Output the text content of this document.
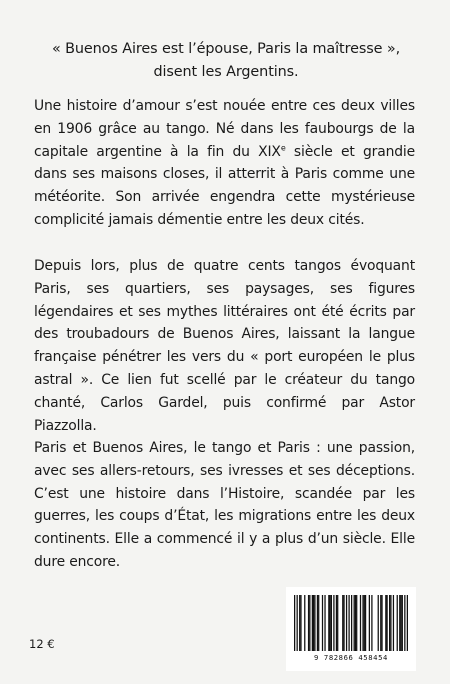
« Buenos Aires est l’épouse, Paris la maîtresse »,
disent les Argentins.
Une histoire d’amour s’est nouée entre ces deux villes en 1906 grâce au tango. Né dans les faubourgs de la capitale argentine à la fin du XIXe siècle et grandie dans ses maisons closes, il atterrit à Paris comme une météorite. Son arrivée engendra cette mystérieuse complicité jamais démentie entre les deux cités.
Depuis lors, plus de quatre cents tangos évoquant Paris, ses quartiers, ses paysages, ses figures légendaires et ses mythes littéraires ont été écrits par des troubadours de Buenos Aires, laissant la langue française pénétrer les vers du « port européen le plus astral ». Ce lien fut scellé par le créateur du tango chanté, Carlos Gardel, puis confirmé par Astor Piazzolla.
Paris et Buenos Aires, le tango et Paris : une passion, avec ses allers-retours, ses ivresses et ses déceptions. C’est une histoire dans l’Histoire, scandée par les guerres, les coups d’État, les migrations entre les deux continents. Elle a commencé il y a plus d’un siècle. Elle dure encore.
12 €
9 782866 458454
